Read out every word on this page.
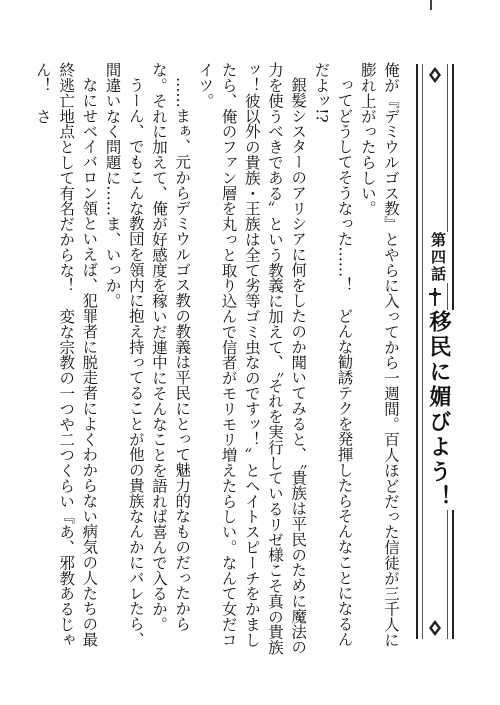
第四話
移民に媚びよう！

俺が『デミウルゴス教』とやらに入ってから一週間。百人ほどだった信徒が三千人に膨れ上がったらしい。

ってどうしてそうなった……！　どんな勧誘テクを発揮したらそんなことになるんだよッ!?

銀髪シスターのアリシアに何をしたのか聞いてみると、〝貴族は平民のために魔法の力を使うべきである〟という教義に加えて、〝それを実行しているリゼ様こそ真の貴族ッ！彼以外の貴族・王族は全て劣等ゴミ虫なのですッ！〟とヘイトスピーチをかましたら、俺のファン層を丸っと取り込んで信者がモリモリ増えたらしい。なんて女だコイツ。

……まぁ、元からデミウルゴス教の教義は平民にとって魅力的なものだったからな。それに加えて、俺が好感度を稼いだ連中にそんなことを語れば喜んで入るか。

うーん、でもこんな教団を領内に抱え持ってることが他の貴族なんかにバレたら、間違いなく問題に……ま、いっか。

なにせベイバロン領といえば、犯罪者に脱走者によくわからない病気の人たちの最終逃亡地点として有名だからな！　変な宗教の一つや二つくらい『あ、邪教あるじゃん！　さ
